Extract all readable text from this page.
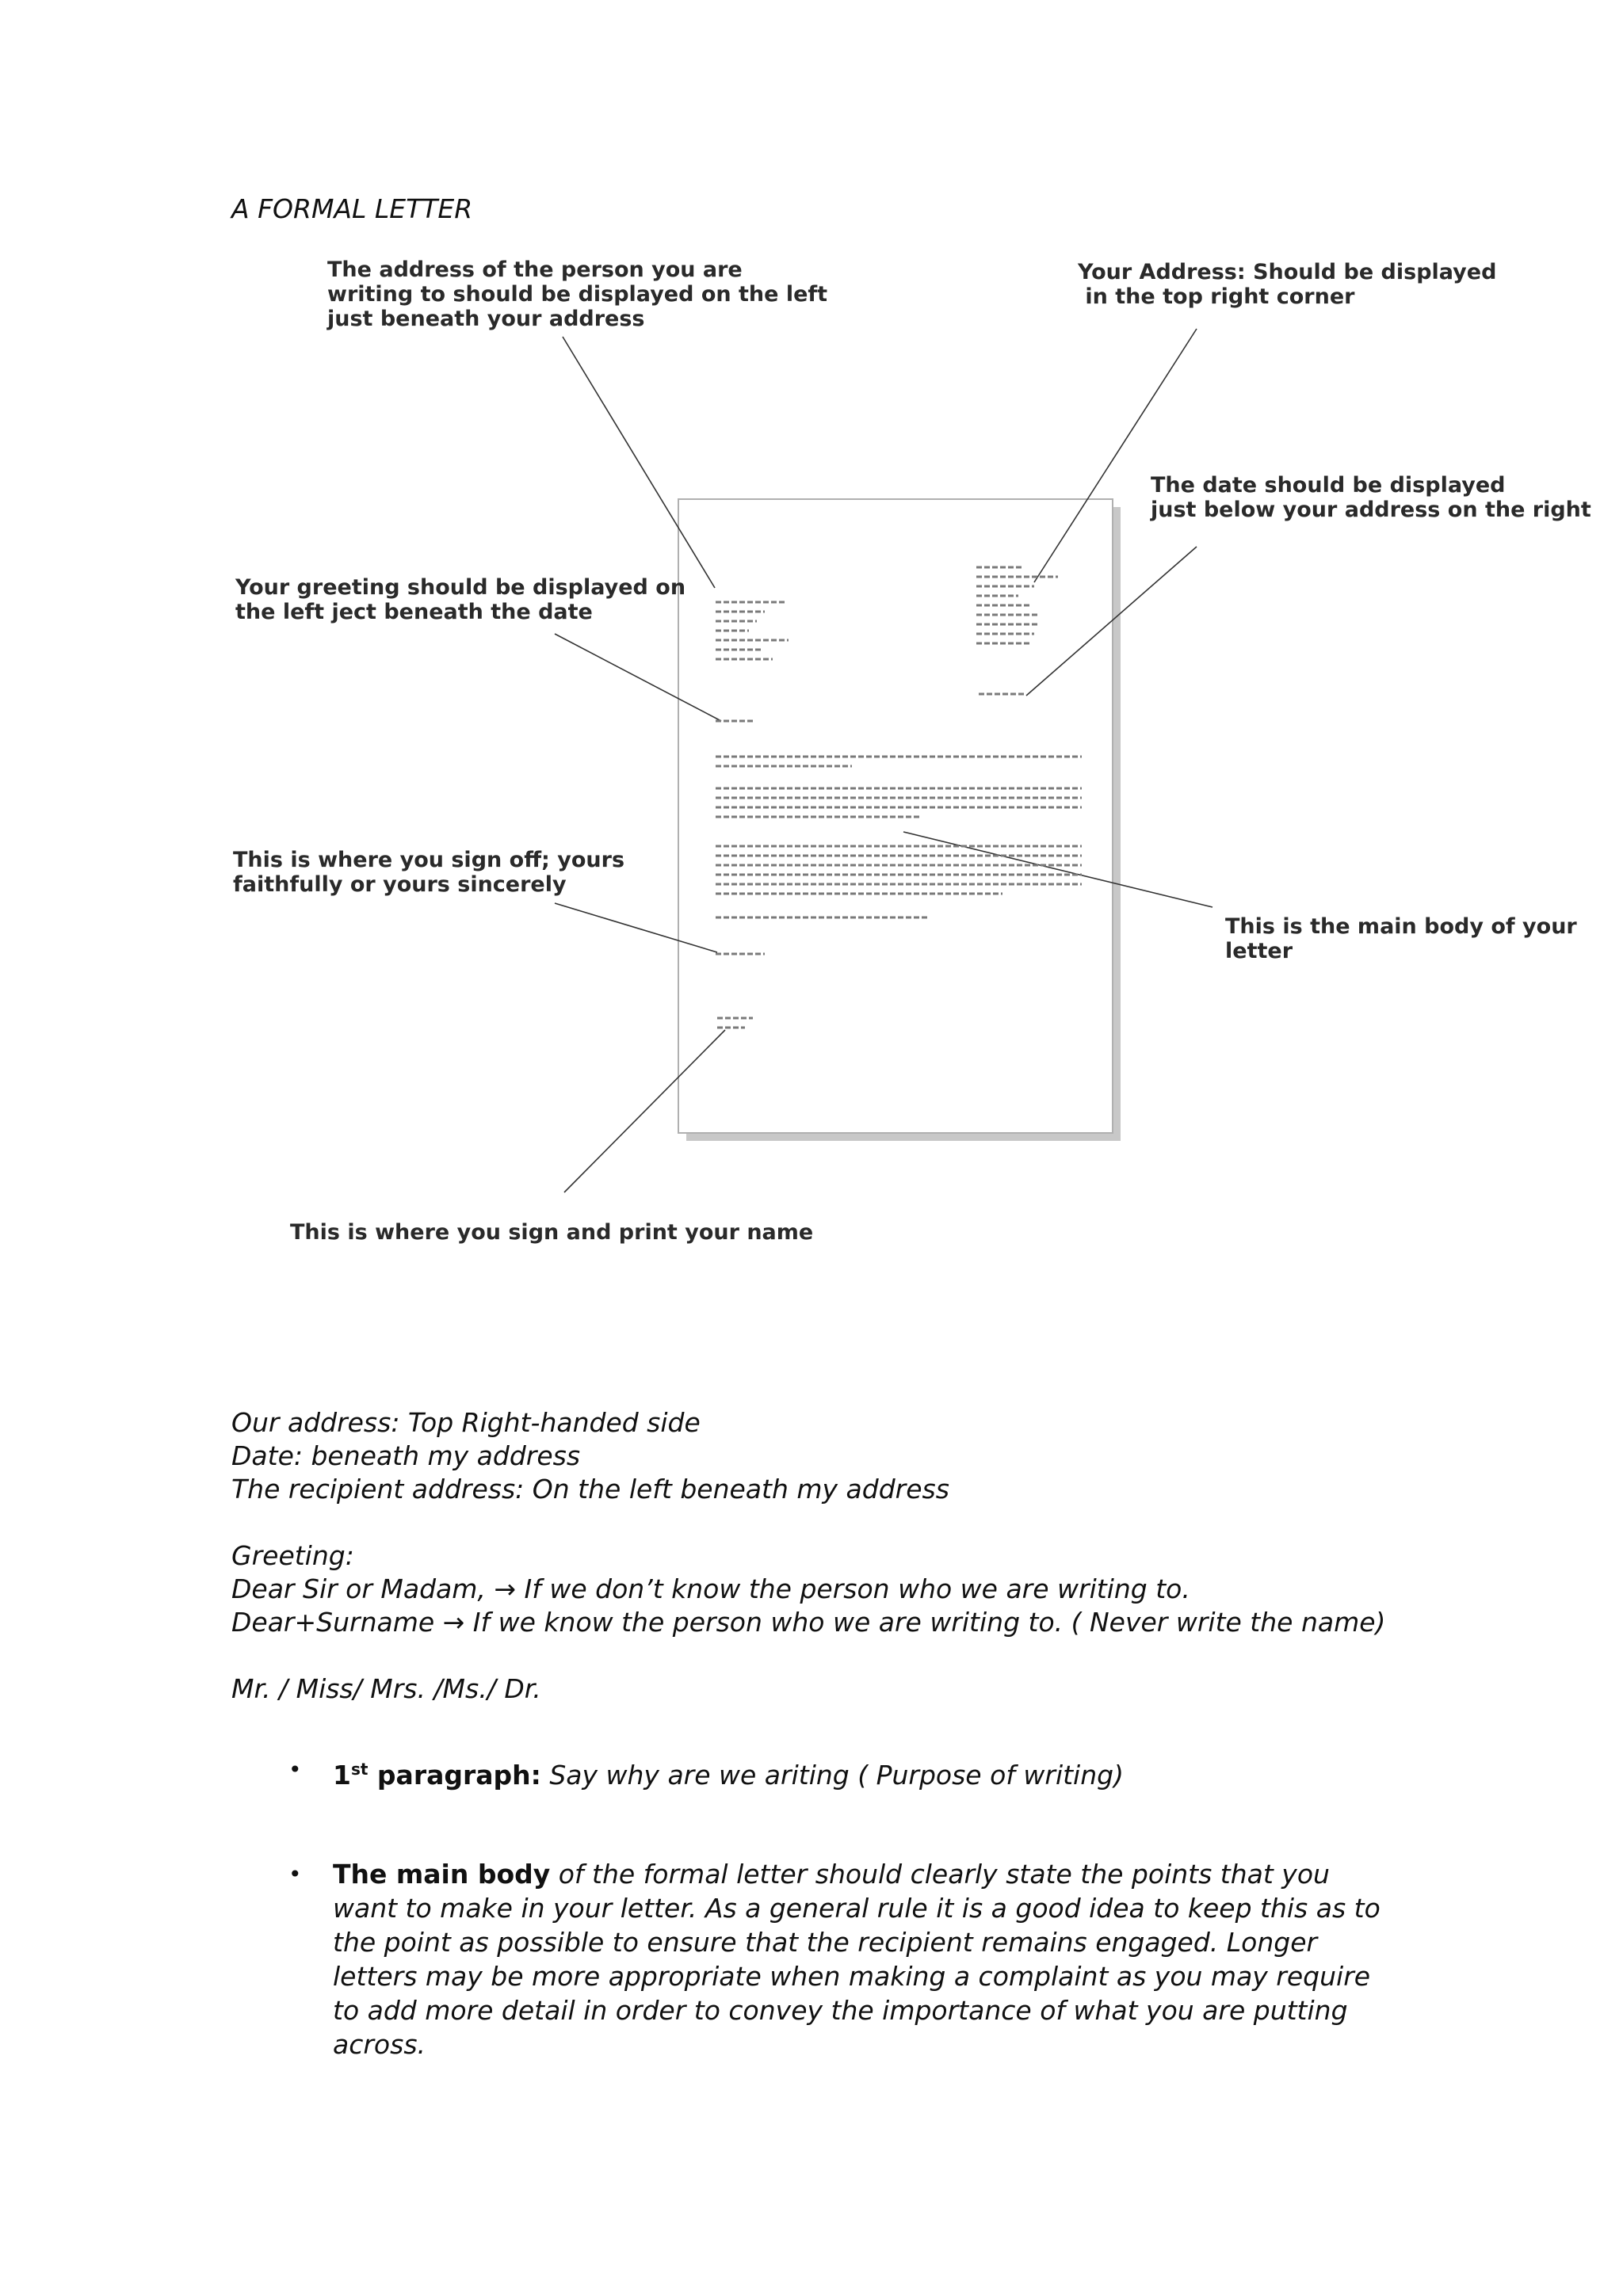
A FORMAL LETTER
The address of the person you are
writing to should be displayed on the left
just beneath your address
Your Address: Should be displayed
in the top right corner
The date should be displayed
just below your address on the right
Your greeting should be displayed on
the left ject beneath the date
This is where you sign off; yours
faithfully or yours sincerely
This is the main body of your
letter
This is where you sign and print your name

Our address: Top Right-handed side

Date: beneath my address

The recipient address: On the left beneath my address

Greeting:

Dear Sir or Madam, → If we don’t know the person who we are writing to.

Dear+Surname → If we know the person who we are writing to. ( Never write the name)

Mr. / Miss/ Mrs. /Ms./ Dr.

• 1st paragraph: Say why are we ariting ( Purpose of writing)
• The main body of the formal letter should clearly state the points that you want to make in your letter. As a general rule it is a good idea to keep this as to the point as possible to ensure that the recipient remains engaged. Longer letters may be more appropriate when making a complaint as you may require to add more detail in order to convey the importance of what you are putting across.
